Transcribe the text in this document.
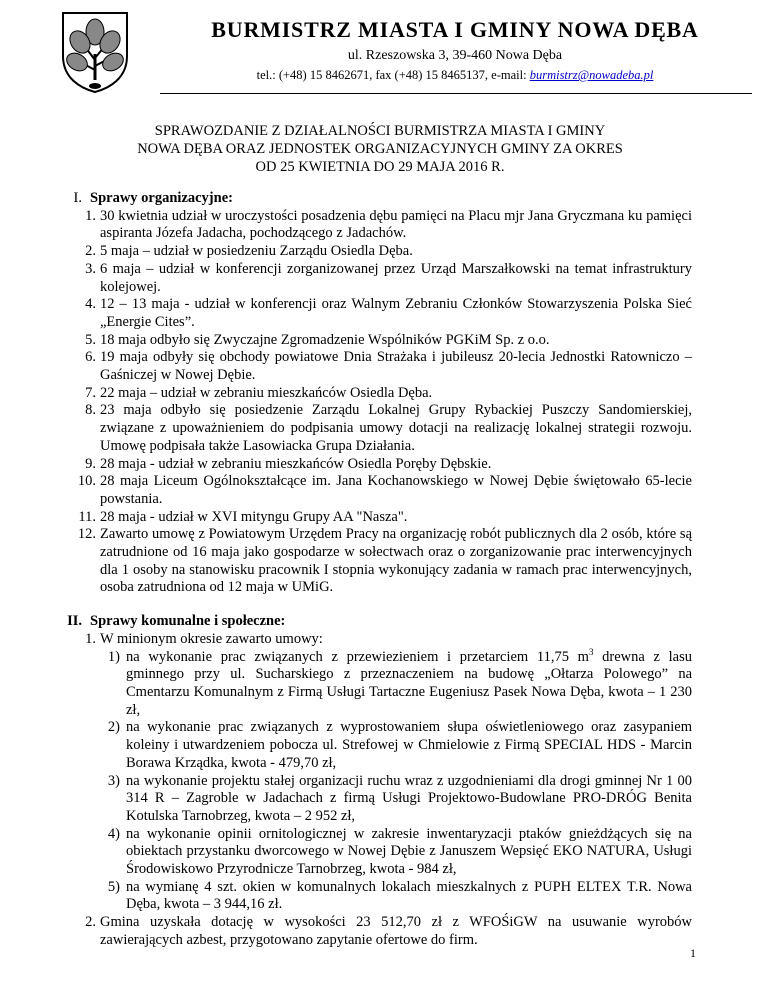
BURMISTRZ MIASTA I GMINY NOWA DĘBA
ul. Rzeszowska 3, 39-460 Nowa Dęba
tel.: (+48) 15 8462671, fax (+48) 15 8465137, e-mail: burmistrz@nowadeba.pl
SPRAWOZDANIE Z DZIAŁALNOŚCI BURMISTRZA MIASTA I GMINY
NOWA DĘBA ORAZ JEDNOSTEK ORGANIZACYJNYCH GMINY ZA OKRES
OD 25 KWIETNIA DO 29 MAJA 2016 R.

I. Sprawy organizacyjne:

1. 30 kwietnia udział w uroczystości posadzenia dębu pamięci na Placu mjr Jana Gryczmana ku pamięci aspiranta Józefa Jadacha, pochodzącego z Jadachów.
2. 5 maja – udział w posiedzeniu Zarządu Osiedla Dęba.
3. 6 maja – udział w konferencji zorganizowanej przez Urząd Marszałkowski na temat infrastruktury kolejowej.
4. 12 – 13 maja - udział w konferencji oraz Walnym Zebraniu Członków Stowarzyszenia Polska Sieć „Energie Cites”.
5. 18 maja odbyło się Zwyczajne Zgromadzenie Wspólników PGKiM Sp. z o.o.
6. 19 maja odbyły się obchody powiatowe Dnia Strażaka i jubileusz 20-lecia Jednostki Ratowniczo – Gaśniczej w Nowej Dębie.
7. 22 maja – udział w zebraniu mieszkańców Osiedla Dęba.
8. 23 maja odbyło się posiedzenie Zarządu Lokalnej Grupy Rybackiej Puszczy Sandomierskiej, związane z upoważnieniem do podpisania umowy dotacji na realizację lokalnej strategii rozwoju. Umowę podpisała także Lasowiacka Grupa Działania.
9. 28 maja - udział w zebraniu mieszkańców Osiedla Poręby Dębskie.
10. 28 maja Liceum Ogólnokształcące im. Jana Kochanowskiego w Nowej Dębie świętowało 65-lecie powstania.
11. 28 maja - udział w XVI mityngu Grupy AA "Nasza".
12. Zawarto umowę z Powiatowym Urzędem Pracy na organizację robót publicznych dla 2 osób, które są zatrudnione od 16 maja jako gospodarze w sołectwach oraz o zorganizowanie prac interwencyjnych dla 1 osoby na stanowisku pracownik I stopnia wykonujący zadania w ramach prac interwencyjnych, osoba zatrudniona od 12 maja w UMiG.

II. Sprawy komunalne i społeczne:

1. W minionym okresie zawarto umowy:
1) na wykonanie prac związanych z przewiezieniem i przetarciem 11,75 $m^3$ drewna z lasu gminnego przy ul. Sucharskiego z przeznaczeniem na budowę „Ołtarza Polowego” na Cmentarzu Komunalnym z Firmą Usługi Tartaczne Eugeniusz Pasek Nowa Dęba, kwota – 1 230 zł,
2) na wykonanie prac związanych z wyprostowaniem słupa oświetleniowego oraz zasypaniem koleiny i utwardzeniem pobocza ul. Strefowej w Chmielowie z Firmą SPECIAL HDS - Marcin Borawa Krządka, kwota - 479,70 zł,
3) na wykonanie projektu stałej organizacji ruchu wraz z uzgodnieniami dla drogi gminnej Nr 1 00 314 R – Zagroble w Jadachach z firmą Usługi Projektowo-Budowlane PRO-DRÓG Benita Kotulska Tarnobrzeg, kwota – 2 952 zł,
4) na wykonanie opinii ornitologicznej w zakresie inwentaryzacji ptaków gnieżdżących się na obiektach przystanku dworcowego w Nowej Dębie z Januszem Wepsięć EKO NATURA, Usługi Środowiskowo Przyrodnicze Tarnobrzeg, kwota - 984 zł,
5) na wymianę 4 szt. okien w komunalnych lokalach mieszkalnych z PUPH ELTEX T.R. Nowa Dęba, kwota – 3 944,16 zł.
2. Gmina uzyskała dotację w wysokości 23 512,70 zł z WFOŚiGW na usuwanie wyrobów zawierających azbest, przygotowano zapytanie ofertowe do firm.
1
